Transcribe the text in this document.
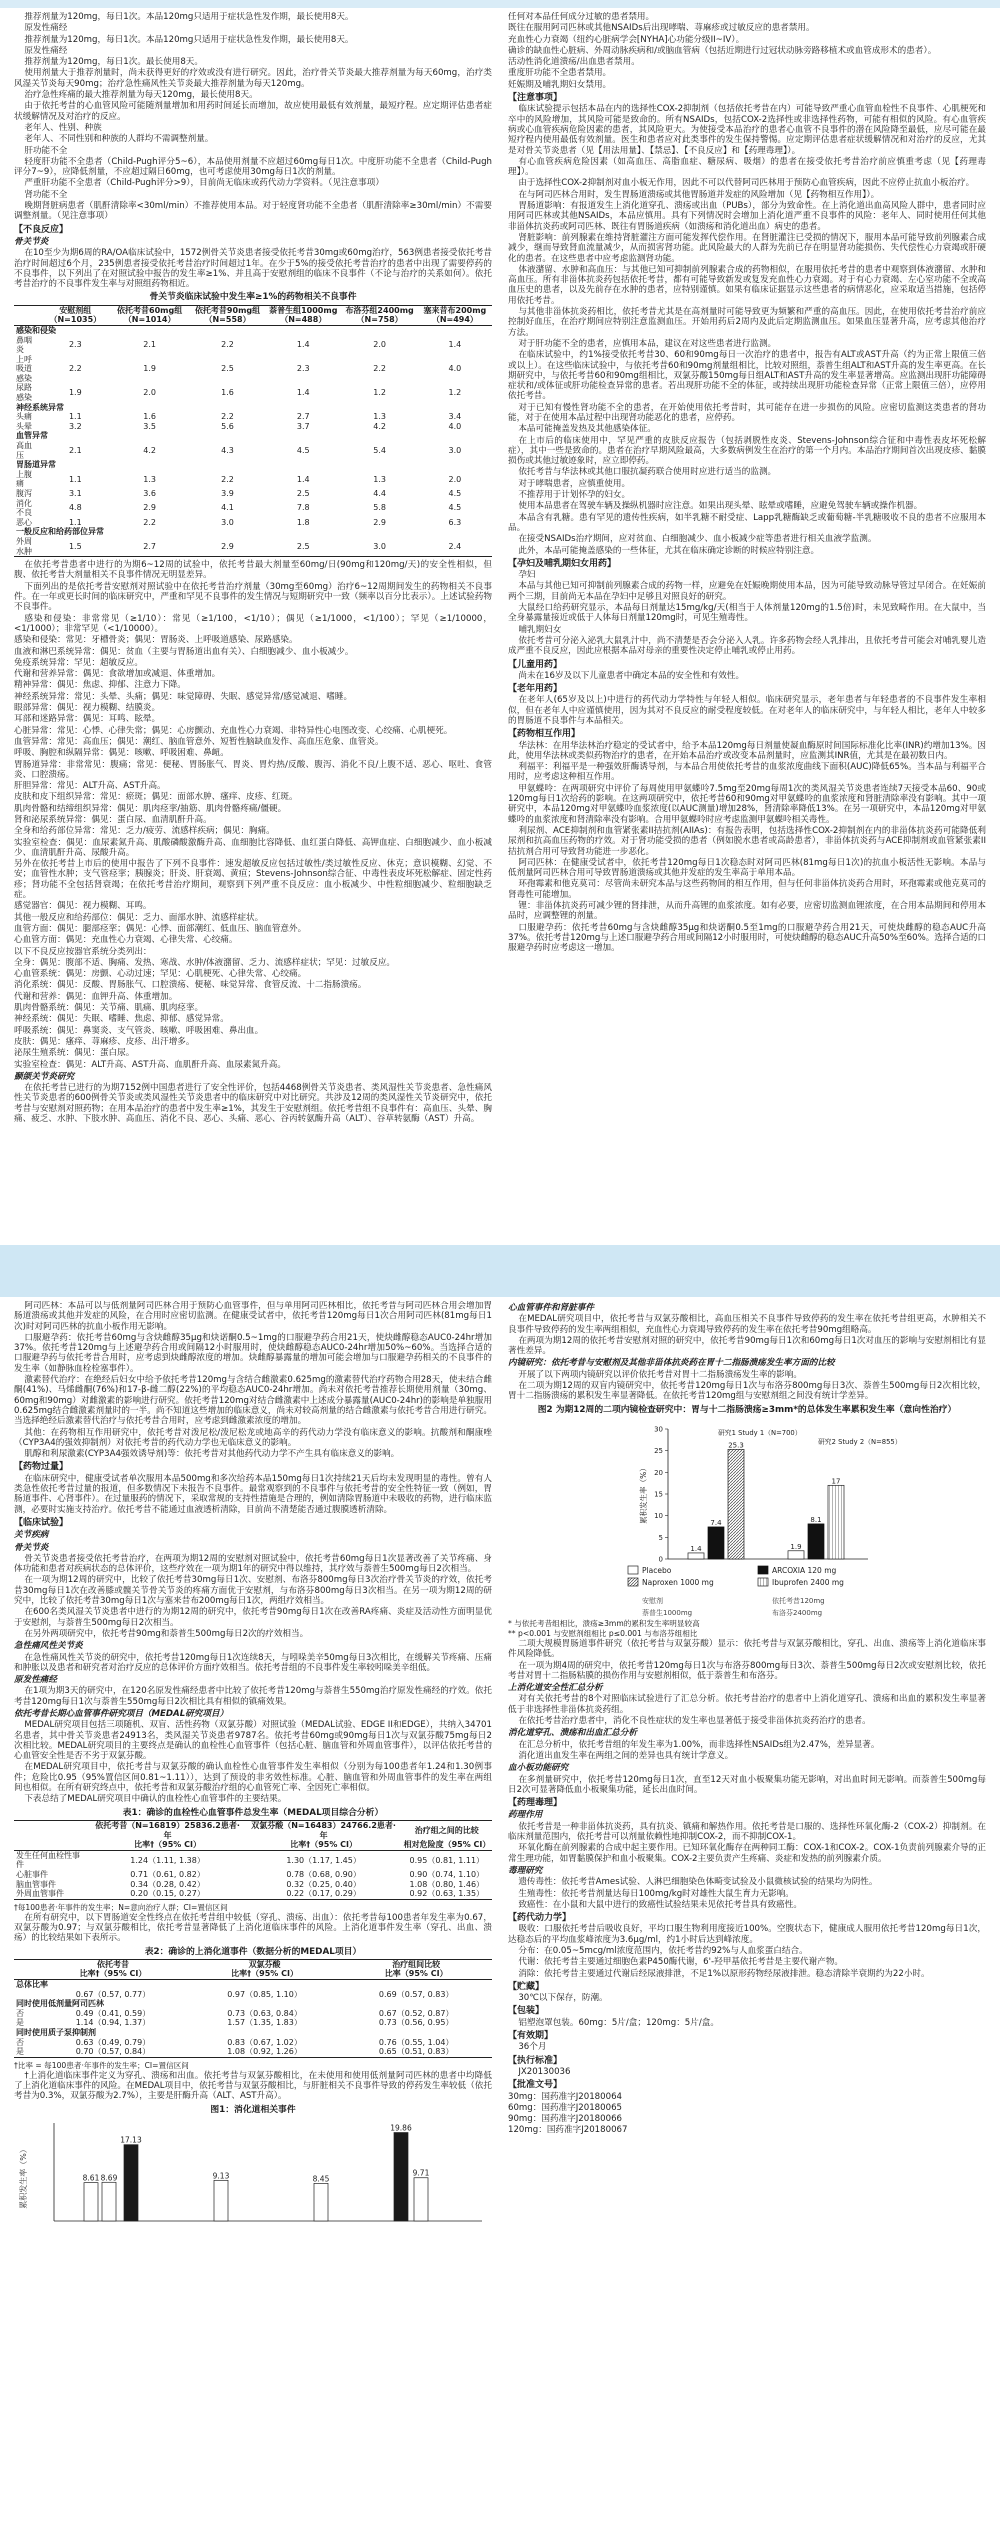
推荐剂量为120mg，每日1次。本品120mg只适用于症状急性发作期，最长使用8天。

原发性痛经

推荐剂量为120mg，每日1次。本品120mg只适用于症状急性发作期，最长使用8天。

原发性痛经

推荐剂量为120mg，每日1次。最长使用8天。

使用剂量大于推荐剂量时，尚未获得更好的疗效或没有进行研究。因此，治疗骨关节炎最大推荐剂量为每天60mg，治疗类风湿关节炎每天90mg；治疗急性痛风性关节炎最大推荐剂量为每天120mg。

治疗急性疼痛的最大推荐剂量为每天120mg，最长使用8天。

由于依托考昔的心血管风险可能随剂量增加和用药时间延长而增加，故应使用最低有效剂量，最短疗程。应定期评估患者症状缓解情况及对治疗的反应。

老年人、性别、种族

老年人、不同性别和种族的人群均不需调整剂量。

肝功能不全

轻度肝功能不全患者（Child-Pugh评分5~6），本品使用剂量不应超过60mg每日1次。中度肝功能不全患者（Child-Pugh评分7~9），应降低剂量，不应超过隔日60mg，也可考虑使用30mg每日1次的剂量。

严重肝功能不全患者（Child-Pugh评分>9），目前尚无临床或药代动力学资料。（见注意事项）

肾功能不全

晚期肾脏病患者（肌酐清除率<30ml/min）不推荐使用本品。对于轻度肾功能不全患者（肌酐清除率≥30ml/min）不需要调整剂量。（见注意事项）

【不良反应】
骨关节炎

在10至少为期6周的RA/OA临床试验中，1572例骨关节炎患者接受依托考昔30mg或60mg治疗，563例患者接受依托考昔治疗时间超过6个月，235例患者接受依托考昔治疗时间超过1年。在少于5%的接受依托考昔治疗的患者中出现了需要停药的不良事件，以下列出了在对照试验中报告的发生率≥1%、并且高于安慰剂组的临床不良事件（不论与治疗的关系如何）。依托考昔治疗的不良事件发生率与对照组药物相近。

骨关节炎临床试验中发生率≥1%的药物相关不良事件
	安慰剂组（N=1035）	依托考昔60mg组（N=1014）	依托考昔90mg组（N=558）	萘普生组1000mg（N=488）	布洛芬组2400mg（N=758）	塞来昔布200mg（N=494）
感染和侵染						
鼻咽炎	2.3	2.1	2.2	1.4	2.0	1.4
上呼吸道感染	2.2	1.9	2.5	2.3	2.2	4.0
尿路感染	1.9	2.0	1.6	1.4	1.2	1.2
神经系统异常						
头痛	1.1	1.6	2.2	2.7	1.3	3.4
头晕	3.2	3.5	5.6	3.7	4.2	4.0
血管异常						
高血压	2.1	4.2	4.3	4.5	5.4	3.0
胃肠道异常						
上腹痛	1.1	1.3	2.2	1.4	1.3	2.0
腹泻	3.1	3.6	3.9	2.5	4.4	4.5
消化不良	4.8	2.9	4.1	7.8	5.8	4.5
恶心	1.1	2.2	3.0	1.8	2.9	6.3
一般反应和给药部位异常						
外周水肿	1.5	2.7	2.9	2.5	3.0	2.4

在依托考昔患者中进行的为期6~12周的试验中，依托考昔最大剂量至60mg/日(90mg和120mg/天)的安全性相似，但腹、依托考昔大剂量相关不良事件情况无明显差异。

下面列出的是依托考昔安慰剂对照试验中在依托考昔治疗剂量（30mg至60mg）治疗6~12周期间发生的药物相关不良事件。在一年或更长时间的临床研究中，严重和罕见不良事件的发生情况与短期研究中一致（频率以百分比表示）。上述试验药物不良事件。

感染和侵染：非常常见（≥1/10）：常见（≥1/100，<1/10）；偶见（≥1/1000，<1/100）；罕见（≥1/10000，<1/1000）；非常罕见（<1/10000）。

感染和侵染：常见：牙槽骨炎；偶见：胃肠炎、上呼吸道感染、尿路感染。

血液和淋巴系统异常：偶见：贫血（主要与胃肠道出血有关）、白细胞减少、血小板减少。

免疫系统异常：罕见：超敏反应。

代谢和营养异常：偶见：食欲增加或减退、体重增加。

精神异常：偶见：焦虑、抑郁、注意力下降。

神经系统异常：常见：头晕、头痛；偶见：味觉障碍、失眠、感觉异常/感觉减退、嗜睡。

眼部异常：偶见：视力模糊、结膜炎。

耳部和迷路异常：偶见：耳鸣、眩晕。

心脏异常：常见：心悸、心律失常；偶见：心房颤动、充血性心力衰竭、非特异性心电图改变、心绞痛、心肌梗死。

血管异常：常见：高血压；偶见：潮红、脑血管意外、短暂性脑缺血发作、高血压危象、血管炎。

呼吸、胸腔和纵隔异常：偶见：咳嗽、呼吸困难、鼻衄。

胃肠道异常：非常常见：腹痛；常见：便秘、胃肠胀气、胃炎、胃灼热/反酸、腹泻、消化不良/上腹不适、恶心、呕吐、食管炎、口腔溃疡。

肝胆异常：常见：ALT升高、AST升高。

皮肤和皮下组织异常：常见：瘀斑；偶见：面部水肿、瘙痒、皮疹、红斑。

肌肉骨骼和结缔组织异常：偶见：肌肉痉挛/抽筋、肌肉骨骼疼痛/僵硬。

肾和泌尿系统异常：偶见：蛋白尿、血清肌酐升高。

全身和给药部位异常：常见：乏力/疲劳、流感样疾病；偶见：胸痛。

实验室检查：偶见：血尿素氮升高、肌酸磷酸激酶升高、血细胞比容降低、血红蛋白降低、高钾血症、白细胞减少、血小板减少、血清肌酐升高、尿酸升高。

另外在依托考昔上市后的使用中报告了下列不良事件：速发超敏反应包括过敏性/类过敏性反应、休克；意识模糊、幻觉、不安；血管性水肿；支气管痉挛；胰腺炎；肝炎、肝衰竭、黄疸；Stevens-Johnson综合征、中毒性表皮坏死松解症、固定性药疹；肾功能不全包括肾衰竭；在依托考昔治疗期间，观察到下列严重不良反应：血小板减少、中性粒细胞减少、粒细胞缺乏症。

感觉器官：偶见：视力模糊、耳鸣。

其他一般反应和给药部位：偶见：乏力、面部水肿、流感样症状。

血管方面：偶见：腿部痉挛；偶见：心悸、面部潮红、低血压、脑血管意外。

心血管方面：偶见：充血性心力衰竭、心律失常、心绞痛。

以下不良反应按器官系统分类列出：

全身：偶见：腹部不适、胸痛、发热、寒战、水肿/体液潴留、乏力、流感样症状；罕见：过敏反应。

心血管系统：偶见：房颤、心动过速；罕见：心肌梗死、心律失常、心绞痛。

消化系统：偶见：反酸、胃肠胀气、口腔溃疡、便秘、味觉异常、食管反流、十二指肠溃疡。

代谢和营养：偶见：血钾升高、体重增加。

肌肉骨骼系统：偶见：关节痛、肌痛、肌肉痉挛。

神经系统：偶见：失眠、嗜睡、焦虑、抑郁、感觉异常。

呼吸系统：偶见：鼻窦炎、支气管炎、咳嗽、呼吸困难、鼻出血。

皮肤：偶见：瘙痒、荨麻疹、皮疹、出汗增多。

泌尿生殖系统：偶见：蛋白尿。

实验室检查：偶见：ALT升高、AST升高、血肌酐升高、血尿素氮升高。

颞颌关节炎研究

在依托考昔已进行的为期7152例中国患者进行了安全性评价，包括4468例骨关节炎患者、类风湿性关节炎患者、急性痛风性关节炎患者的600例骨关节炎或类风湿性关节炎患者中的临床研究中对比研究。共涉及12周的类风湿性关节炎研究中，依托考昔与安慰剂对照药物；在用本品治疗的患者中发生率≥1%，其发生于安慰剂组。依托考昔组不良事件有：高血压、头晕、胸痛、疲乏、水肿、下肢水肿、高血压、消化不良、恶心、头痛、恶心、谷丙转氨酶升高（ALT）、谷草转氨酶（AST）升高。

任何对本品任何成分过敏的患者禁用。

既往在服用阿司匹林或其他NSAIDs后出现哮喘、荨麻疹或过敏反应的患者禁用。

充血性心力衰竭（纽约心脏病学会[NYHA]心功能分级II~IV）。

确诊的缺血性心脏病、外周动脉疾病和/或脑血管病（包括近期进行过冠状动脉旁路移植术或血管成形术的患者）。

活动性消化道溃疡/出血患者禁用。

重度肝功能不全患者禁用。

妊娠期及哺乳期妇女禁用。

【注意事项】

临床试验提示包括本品在内的选择性COX-2抑制剂（包括依托考昔在内）可能导致严重心血管血栓性不良事件、心肌梗死和卒中的风险增加，其风险可能是致命的。所有NSAIDs，包括COX-2选择性或非选择性药物，可能有相似的风险。有心血管疾病或心血管疾病危险因素的患者，其风险更大。为使接受本品治疗的患者心血管不良事件的潜在风险降至最低，应尽可能在最短疗程内使用最低有效剂量。医生和患者应对此类事件的发生保持警惕。应定期评估患者症状缓解情况和对治疗的反应，尤其是对骨关节炎患者（见【用法用量】、【禁忌】、【不良反应】和【药理毒理】）。

有心血管疾病危险因素（如高血压、高脂血症、糖尿病、吸烟）的患者在接受依托考昔治疗前应慎重考虑（见【药理毒理】）。

由于选择性COX-2抑制剂对血小板无作用，因此不可以代替阿司匹林用于预防心血管疾病，因此不应停止抗血小板治疗。

在与阿司匹林合用时，发生胃肠道溃疡或其他胃肠道并发症的风险增加（见【药物相互作用】）。

胃肠道影响：有报道发生上消化道穿孔、溃疡或出血（PUBs），部分为致命性。在上消化道出血高风险人群中，患者同时应用阿司匹林或其他NSAIDs，本品应慎用。具有下列情况时会增加上消化道严重不良事件的风险：老年人、同时使用任何其他非甾体抗炎药或阿司匹林、既往有胃肠道疾病（如溃疡和消化道出血）病史的患者。

肾脏影响：前列腺素在维持肾脏灌注方面可能发挥代偿作用。在肾脏灌注已受损的情况下，服用本品可能导致前列腺素合成减少，继而导致肾血流量减少，从而损害肾功能。此风险最大的人群为先前已存在明显肾功能损伤、失代偿性心力衰竭或肝硬化的患者。在这些患者中应考虑监测肾功能。

体液潴留、水肿和高血压：与其他已知可抑制前列腺素合成的药物相似，在服用依托考昔的患者中观察到体液潴留、水肿和高血压。所有非甾体抗炎药包括依托考昔，都有可能导致新发或复发充血性心力衰竭。对于有心力衰竭、左心室功能不全或高血压史的患者，以及先前存在水肿的患者，应特别谨慎。如果有临床证据显示这些患者的病情恶化，应采取适当措施，包括停用依托考昔。

与其他非甾体抗炎药相比，依托考昔尤其是在高剂量时可能导致更为频繁和严重的高血压。因此，在使用依托考昔治疗前应控制好血压，在治疗期间应特别注意监测血压。开始用药后2周内及此后定期监测血压。如果血压显著升高，应考虑其他治疗方法。

对于肝功能不全的患者，应慎用本品，建议在对这些患者进行监测。

在临床试验中，约1%接受依托考昔30、60和90mg每日一次治疗的患者中，报告有ALT或AST升高（约为正常上限值三倍或以上）。在这些临床试验中，与依托考昔60和90mg剂量组相比，比较对照组，萘普生组ALT和AST升高的发生率更高。在长期研究中，与依托考昔60和90mg组相比，双氯芬酸150mg每日组ALT和AST升高的发生率显著增高。应监测出现肝功能障碍症状和/或体征或肝功能检查异常的患者。若出现肝功能不全的体征，或持续出现肝功能检查异常（正常上限值三倍），应停用依托考昔。

对于已知有慢性肾功能不全的患者，在开始使用依托考昔时，其可能存在进一步损伤的风险。应密切监测这类患者的肾功能，对于在使用本品过程中出现肾功能恶化的患者，应停药。

本品可能掩盖发热及其他感染体征。

在上市后的临床使用中，罕见严重的皮肤反应报告（包括剥脱性皮炎、Stevens-Johnson综合征和中毒性表皮坏死松解症），其中一些是致命的。患者在治疗早期风险最高，大多数病例发生在治疗的第一个月内。本品治疗期间首次出现皮疹、黏膜损伤或其他过敏迹象时，应立即停药。

依托考昔与华法林或其他口服抗凝药联合使用时应进行适当的监测。

对于哮喘患者，应慎重使用。

不推荐用于计划怀孕的妇女。

使用本品患者在驾驶车辆及操纵机器时应注意。如果出现头晕、眩晕或嗜睡，应避免驾驶车辆或操作机器。

本品含有乳糖。患有罕见的遗传性疾病，如半乳糖不耐受症、Lapp乳糖酶缺乏或葡萄糖-半乳糖吸收不良的患者不应服用本品。

在接受NSAIDs治疗期间，应对贫血、白细胞减少、血小板减少症等患者进行相关血液学监测。

此外，本品可能掩盖感染的一些体征，尤其在临床确定诊断的时候应特别注意。

【孕妇及哺乳期妇女用药】

孕妇

本品与其他已知可抑制前列腺素合成的药物一样，应避免在妊娠晚期使用本品，因为可能导致动脉导管过早闭合。在妊娠前两个三期，目前尚无本品在孕妇中足够且对照良好的研究。

大鼠经口给药研究显示，本品每日剂量达15mg/kg/天(相当于人体剂量120mg的1.5倍)时，未见致畸作用。在大鼠中，当全身暴露量接近或低于人体每日剂量120mg时，可见生殖毒性。

哺乳期妇女

依托考昔可分泌入泌乳大鼠乳汁中，尚不清楚是否会分泌入人乳。许多药物会经人乳排出，且依托考昔可能会对哺乳婴儿造成严重不良反应，因此应根据本品对母亲的重要性决定停止哺乳或停止用药。

【儿童用药】

尚未在16岁及以下儿童患者中确定本品的安全性和有效性。

【老年用药】

在老年人(65岁及以上)中进行的药代动力学特性与年轻人相似。临床研究显示，老年患者与年轻患者的不良事件发生率相似，但在老年人中应谨慎使用，因为其对不良反应的耐受程度较低。在对老年人的临床研究中，与年轻人相比，老年人中较多的胃肠道不良事件与本品相关。

【药物相互作用】

华法林：在用华法林治疗稳定的受试者中，给予本品120mg每日剂量使凝血酶原时间国际标准化比率(INR)约增加13%。因此，使用华法林或类似药物治疗的患者，在开始本品治疗或改变本品剂量时，应监测其INR值，尤其是在最初数日内。

利福平：利福平是一种强效肝酶诱导剂，与本品合用使依托考昔的血浆浓度曲线下面积(AUC)降低65%。当本品与利福平合用时，应考虑这种相互作用。

甲氨蝶呤：在两项研究中评价了每周使用甲氨蝶呤7.5mg至20mg每周1次的类风湿关节炎患者连续7天接受本品60、90或120mg每日1次给药的影响。在这两项研究中，依托考昔60和90mg对甲氨蝶呤的血浆浓度和肾脏清除率没有影响。其中一项研究中，本品120mg对甲氨蝶呤血浆浓度(以AUC测量)增加28%，肾清除率降低13%。在另一项研究中，本品120mg对甲氨蝶呤的血浆浓度和肾清除率没有影响。合用甲氨蝶呤时应考虑监测甲氨蝶呤相关毒性。

利尿剂、ACE抑制剂和血管紧张素II拮抗剂(AIIAs)：有报告表明，包括选择性COX-2抑制剂在内的非甾体抗炎药可能降低利尿剂和抗高血压药物的疗效。对于肾功能受损的患者（例如脱水患者或高龄患者），非甾体抗炎药与ACE抑制剂或血管紧张素II拮抗剂合用可导致肾功能进一步恶化。

阿司匹林：在健康受试者中，依托考昔120mg每日1次稳态时对阿司匹林(81mg每日1次)的抗血小板活性无影响。本品与低剂量阿司匹林合用可导致胃肠道溃疡或其他并发症的发生率高于单用本品。

环孢霉素和他克莫司：尽管尚未研究本品与这些药物间的相互作用，但与任何非甾体抗炎药合用时，环孢霉素或他克莫司的肾毒性可能增加。

锂：非甾体抗炎药可减少锂的肾排泄，从而升高锂的血浆浓度。如有必要，应密切监测血锂浓度，在合用本品期间和停用本品时，应调整锂的剂量。

口服避孕药：依托考昔60mg与含炔雌醇35μg和炔诺酮0.5至1mg的口服避孕药合用21天，可使炔雌醇的稳态AUC升高37%。依托考昔120mg与上述口服避孕药合用或间隔12小时服用时，可使炔雌醇的稳态AUC升高50%至60%。选择合适的口服避孕药时应考虑这一增加。

阿司匹林：本品可以与低剂量阿司匹林合用于预防心血管事件，但与单用阿司匹林相比，依托考昔与阿司匹林合用会增加胃肠道溃疡或其他并发症的风险，在合用时应密切监测。在健康受试者中，依托考昔120mg每日1次合用阿司匹林(81mg每日1次)时对阿司匹林的抗血小板作用无影响。

口服避孕药：依托考昔60mg与含炔雌醇35μg和炔诺酮0.5~1mg的口服避孕药合用21天，使炔雌醇稳态AUC0-24hr增加37%。依托考昔120mg与上述避孕药合用或间隔12小时服用时，使炔雌醇稳态AUC0-24hr增加50%~60%。当选择合适的口服避孕药与依托考昔合用时，应考虑到炔雌醇浓度的增加。炔雌醇暴露量的增加可能会增加与口服避孕药相关的不良事件的发生率（如静脉血栓栓塞事件）。

激素替代治疗：在绝经后妇女中给予依托考昔120mg与含结合雌激素0.625mg的激素替代治疗药物合用28天，使未结合雌酮(41%)、马烯雌酮(76%)和17-β-雌二醇(22%)的平均稳态AUC0-24hr增加。尚未对依托考昔推荐长期使用剂量（30mg、60mg和90mg）对雌激素的影响进行研究。依托考昔120mg对结合雌激素中上述成分暴露量(AUC0-24hr)的影响是单独服用0.625mg结合雌激素剂量时的一半。尚不知道这些增加的临床意义，尚未对较高剂量的结合雌激素与依托考昔合用进行研究。当选择绝经后激素替代治疗与依托考昔合用时，应考虑到雌激素浓度的增加。

其他：在药物相互作用研究中，依托考昔对泼尼松/泼尼松龙或地高辛的药代动力学没有临床意义的影响。抗酸剂和酮康唑（CYP3A4的强效抑制剂）对依托考昔的药代动力学也无临床意义的影响。

肌醇和利尿激素(CYP3A4强效诱导剂)等：依托考昔对其他药代动力学不产生具有临床意义的影响。

【药物过量】

在临床研究中，健康受试者单次服用本品500mg和多次给药本品150mg每日1次持续21天后均未发现明显的毒性。曾有人类急性依托考昔过量的报道，但多数情况下未报告不良事件。最常观察到的不良事件与依托考昔的安全性特征一致（例如，胃肠道事件、心肾事件）。在过量服药的情况下，采取常规的支持性措施是合理的，例如清除胃肠道中未吸收的药物，进行临床监测，必要时实施支持治疗。依托考昔不能通过血液透析清除，目前尚不清楚能否通过腹膜透析清除。

【临床试验】
关节疾病
骨关节炎

骨关节炎患者接受依托考昔治疗，在两项为期12周的安慰剂对照试验中，依托考昔60mg每日1次显著改善了关节疼痛、身体功能和患者对疾病状态的总体评价，这些疗效在一项为期1年的研究中得以维持，其疗效与萘普生500mg每日2次相当。

在一项为期12周的研究中，比较了依托考昔30mg每日1次、安慰剂、布洛芬800mg每日3次治疗骨关节炎的疗效，依托考昔30mg每日1次在改善膝或髋关节骨关节炎的疼痛方面优于安慰剂，与布洛芬800mg每日3次相当。在另一项为期12周的研究中，比较了依托考昔30mg每日1次与塞来昔布200mg每日1次，两组疗效相当。

在600名类风湿关节炎患者中进行的为期12周的研究中，依托考昔90mg每日1次在改善RA疼痛、炎症及活动性方面明显优于安慰剂，与萘普生500mg每日2次相当。

在另外两项研究中，依托考昔90mg和萘普生500mg每日2次的疗效相当。

急性痛风性关节炎

在急性痛风性关节炎的研究中，依托考昔120mg每日1次连续8天，与吲哚美辛50mg每日3次相比，在缓解关节疼痛、压痛和肿胀以及患者和研究者对治疗反应的总体评价方面疗效相当。依托考昔组的不良事件发生率较吲哚美辛组低。

原发性痛经

在1项为期3天的研究中，在120名原发性痛经患者中比较了依托考昔120mg与萘普生550mg治疗原发性痛经的疗效。依托考昔120mg每日1次与萘普生550mg每日2次相比具有相似的镇痛效果。

依托考昔长期心血管事件研究项目（MEDAL研究项目）

MEDAL研究项目包括三项随机、双盲、活性药物（双氯芬酸）对照试验（MEDAL试验、EDGE II和EDGE），共纳入34701名患者，其中骨关节炎患者24913名，类风湿关节炎患者9787名。依托考昔60mg或90mg每日1次与双氯芬酸75mg每日2次相比较。MEDAL研究项目的主要终点是确认的血栓性心血管事件（包括心脏、脑血管和外周血管事件），以评估依托考昔的心血管安全性是否不劣于双氯芬酸。

在MEDAL研究项目中，依托考昔与双氯芬酸的确认血栓性心血管事件发生率相似（分别为每100患者年1.24和1.30例事件；危险比0.95（95%置信区间0.81~1.11）），达到了预设的非劣效性标准。心脏、脑血管和外周血管事件的发生率在两组间也相似。在所有研究终点中，依托考昔和双氯芬酸治疗组的心血管死亡率、全因死亡率相似。

下表总结了MEDAL研究项目中确认的血栓性心血管事件的主要结果。

表1：确诊的血栓性心血管事件总发生率（MEDAL项目综合分析）
	依托考昔（N=16819）25836.2患者·年	双氯芬酸（N=16483）24766.2患者·年	治疗组之间的比较
	比率†（95% CI）	比率†（95% CI）	相对危险度（95% CI）
发生任何血栓性事件	1.24（1.11, 1.38）	1.30（1.17, 1.45）	0.95（0.81, 1.11）
心脏事件	0.71（0.61, 0.82）	0.78（0.68, 0.90）	0.90（0.74, 1.10）
脑血管事件	0.34（0.28, 0.42）	0.32（0.25, 0.40）	1.08（0.80, 1.46）
外周血管事件	0.20（0.15, 0.27）	0.22（0.17, 0.29）	0.92（0.63, 1.35）

†每100患者·年事件的发生率；N=意向治疗人群；CI=置信区间

在所有研究中，以下胃肠道安全性终点在依托考昔组中较低（穿孔、溃疡、出血）：依托考昔每100患者年发生率为0.67，双氯芬酸为0.97；与双氯芬酸相比，依托考昔显著降低了上消化道临床事件的风险。上消化道事件发生率（穿孔、出血、溃疡）的比较结果如下表所示。

表2：确诊的上消化道事件（数据分析的MEDAL项目）
	依托考昔	双氯芬酸	治疗组间比较
	比率†（95% CI）	比率†（95% CI）	比率（95% CI）
总体比率			
	0.67（0.57, 0.77）	0.97（0.85, 1.10）	0.69（0.57, 0.83）
同时使用低剂量阿司匹林			
否	0.49（0.41, 0.59）	0.73（0.63, 0.84）	0.67（0.52, 0.87）
是	1.14（0.94, 1.37）	1.57（1.35, 1.83）	0.73（0.56, 0.95）
同时使用质子泵抑制剂			
否	0.63（0.49, 0.79）	0.83（0.67, 1.02）	0.76（0.55, 1.04）
是	0.70（0.57, 0.84）	1.08（0.92, 1.26）	0.65（0.51, 0.83）

†比率 = 每100患者·年事件的发生率；CI=置信区间

†上消化道临床事件定义为穿孔、溃疡和出血。依托考昔与双氯芬酸相比，在未使用和使用低剂量阿司匹林的患者中均降低了上消化道临床事件的风险。在MEDAL项目中，依托考昔与双氯芬酸相比，与肝脏相关不良事件导致的停药发生率较低（依托考昔为0.3%，双氯芬酸为2.7%），主要是肝酶升高（ALT、AST升高）。

图1：消化道相关事件
累积发生率（%）	8.61 8.69
17.13
9.13	8.45
19.86
9.71
心血管事件和肾脏事件

在MEDAL研究项目中，依托考昔与双氯芬酸相比，高血压相关不良事件导致停药的发生率在依托考昔组更高，水肿相关不良事件导致停药的发生率两组相似，充血性心力衰竭导致停药的发生率在依托考昔90mg组略高。

在两项为期12周的依托考昔安慰剂对照的研究中，依托考昔90mg每日1次和60mg每日1次对血压的影响与安慰剂相比有显著性差异。

内镜研究：依托考昔与安慰剂及其他非甾体抗炎药在胃十二指肠溃疡发生率方面的比较

开展了以下两项内镜研究以评价依托考昔对胃十二指肠溃疡发生率的影响。

在二项为期12周的双盲内镜研究中，依托考昔120mg每日1次与布洛芬800mg每日3次、萘普生500mg每日2次相比较，胃十二指肠溃疡的累积发生率显著降低。在依托考昔120mg组与安慰剂组之间没有统计学差异。

图2 为期12周的二项内镜检查研究中：胃与十二指肠溃疡≥3mm*的总体发生率累积发生率（意向性治疗）
0
5
10
15
20
25
30
累积发生率（%）
1.4
7.4
25.3
研究1 Study 1（N=700）
1.9
8.1
17
研究2 Study 2（N=855）
Placebo
安慰剂
ARCOXIA 120 mg
依托考昔120mg
Naproxen 1000 mg
萘普生1000mg
Ibuprofen 2400 mg
布洛芬2400mg

* 与依托考昔组相比，溃疡≥3mm的累积发生率明显较高

** p<0.001 与安慰剂组相比 p≤0.001 与布洛芬组相比

二项大规模胃肠道事件研究（依托考昔与双氯芬酸）显示：依托考昔与双氯芬酸相比，穿孔、出血、溃疡等上消化道临床事件风险降低。

在一项为期4周的研究中，依托考昔120mg每日1次与布洛芬800mg每日3次、萘普生500mg每日2次或安慰剂比较，依托考昔对胃十二指肠粘膜的损伤作用与安慰剂相似，低于萘普生和布洛芬。

上消化道安全性汇总分析

对有关依托考昔的8个对照临床试验进行了汇总分析。依托考昔治疗的患者中上消化道穿孔、溃疡和出血的累积发生率显著低于非选择性非甾体抗炎药组。

在依托考昔治疗患者中，消化不良性症状的发生率也显著低于接受非甾体抗炎药治疗的患者。

消化道穿孔、溃疡和出血汇总分析

在汇总分析中，依托考昔组的年发生率为1.00%，而非选择性NSAIDs组为2.47%，差异显著。

消化道出血发生率在两组之间的差异也具有统计学意义。

血小板功能研究

在多剂量研究中，依托考昔120mg每日1次，直至12天对血小板聚集功能无影响，对出血时间无影响。而萘普生500mg每日2次可显著降低血小板聚集功能，延长出血时间。

【药理毒理】
药理作用

依托考昔是一种非甾体抗炎药，具有抗炎、镇痛和解热作用。依托考昔是口服的、选择性环氧化酶-2（COX-2）抑制剂。在临床剂量范围内，依托考昔可以剂量依赖性地抑制COX-2，而不抑制COX-1。

环氧化酶在前列腺素的合成中起主要作用。已知环氧化酶存在两种同工酶：COX-1和COX-2。COX-1负责前列腺素介导的正常生理功能，如胃黏膜保护和血小板聚集。COX-2主要负责产生疼痛、炎症和发热的前列腺素介质。

毒理研究

遗传毒性：依托考昔Ames试验、人淋巴细胞染色体畸变试验及小鼠微核试验的结果均为阴性。

生殖毒性：依托考昔剂量达每日100mg/kg时对雄性大鼠生育力无影响。

致癌性：在小鼠和大鼠中进行的致癌性试验结果未见依托考昔具有致癌性。

【药代动力学】

吸收：口服依托考昔后吸收良好，平均口服生物利用度接近100%。空腹状态下，健康成人服用依托考昔120mg每日1次，达稳态后的平均血浆峰浓度为3.6μg/ml，约1小时后达到峰浓度。

分布：在0.05~5mcg/ml浓度范围内，依托考昔约92%与人血浆蛋白结合。

代谢：依托考昔主要通过细胞色素P450酶代谢，6'-羟甲基依托考昔是主要代谢产物。

消除：依托考昔主要通过代谢后经尿液排泄，不足1%以原形药物经尿液排泄。稳态清除半衰期约为22小时。

【贮藏】

30℃以下保存，防潮。

【包装】

铝塑泡罩包装。60mg：5片/盒；120mg：5片/盒。

【有效期】

36个月

【执行标准】

JX20130036

【批准文号】

30mg：国药准字J20180064

60mg：国药准字J20180065

90mg：国药准字J20180066

120mg：国药准字J20180067
